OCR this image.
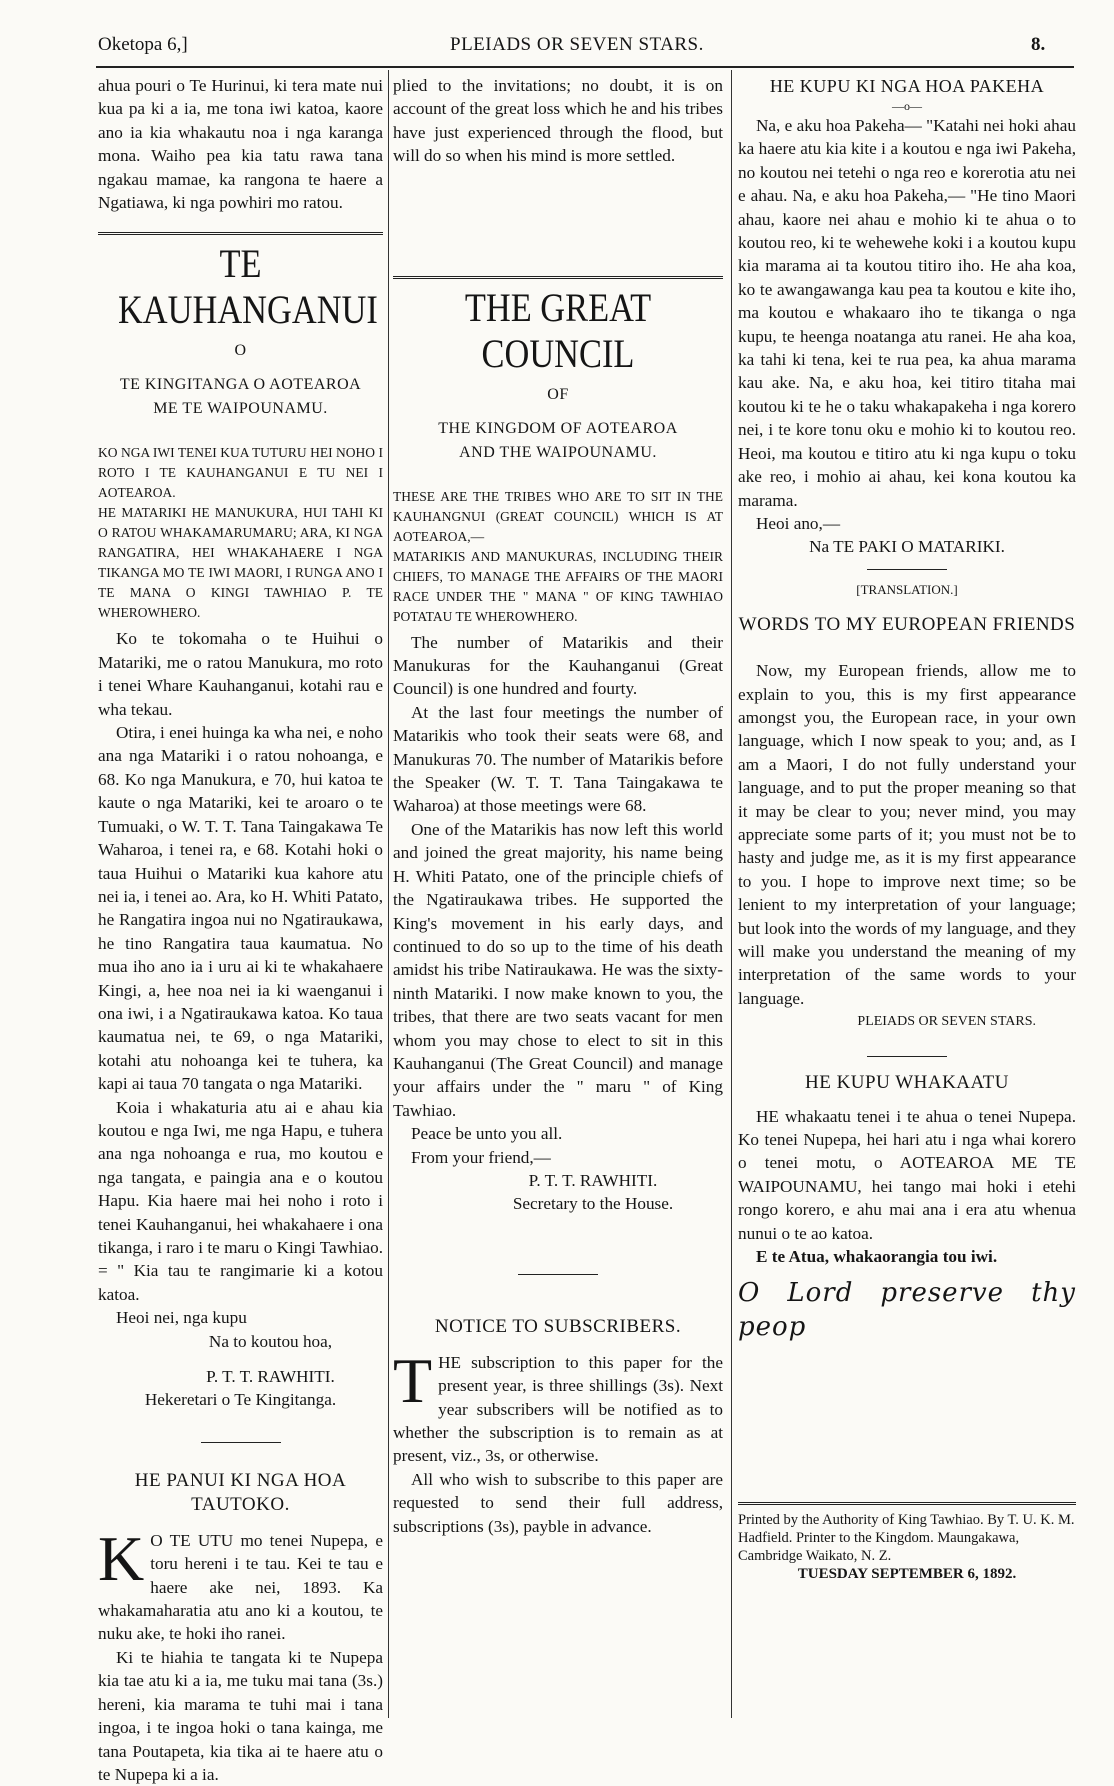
Oketopa 6,]	PLEIADS OR SEVEN STARS.	8.

ahua pouri o Te Hurinui, ki tera mate nui kua pa ki a ia, me tona iwi katoa, kaore ano ia kia whakautu noa i nga karanga mona. Waiho pea kia tatu rawa tana ngakau mamae, ka rangona te haere a Ngatiawa, ki nga powhiri mo ratou.

TE KAUHANGANUI

O

TE KINGITANGA O AOTEAROA

ME TE WAIPOUNAMU.

KO NGA IWI TENEI KUA TUTURU HEI NOHO I ROTO I TE KAUHANGANUI E TU NEI I AOTEAROA.

HE MATARIKI HE MANUKURA, HUI TAHI KI O RATOU WHAKAMARUMARU; ARA, KI NGA RANGATIRA, HEI WHAKAHAERE I NGA TIKANGA MO TE IWI MAORI, I RUNGA ANO I TE MANA O KINGI TAWHIAO P. TE WHEROWHERO.

Ko te tokomaha o te Huihui o Matariki, me o ratou Manukura, mo roto i tenei Whare Kauhanganui, kotahi rau e wha tekau.

Otira, i enei huinga ka wha nei, e noho ana nga Matariki i o ratou nohoanga, e 68. Ko nga Manukura, e 70, hui katoa te kaute o nga Matariki, kei te aroaro o te Tumuaki, o W. T. T. Tana Taingakawa Te Waharoa, i tenei ra, e 68. Kotahi hoki o taua Huihui o Matariki kua kahore atu nei ia, i tenei ao. Ara, ko H. Whiti Patato, he Rangatira ingoa nui no Ngatiraukawa, he tino Rangatira taua kaumatua. No mua iho ano ia i uru ai ki te whakahaere Kingi, a, hee noa nei ia ki waenganui i ona iwi, i a Ngatiraukawa katoa. Ko taua kaumatua nei, te 69, o nga Matariki, kotahi atu nohoanga kei te tuhera, ka kapi ai taua 70 tangata o nga Matariki.

Koia i whakaturia atu ai e ahau kia koutou e nga Iwi, me nga Hapu, e tuhera ana nga nohoanga e rua, mo koutou e nga tangata, e paingia ana e o koutou Hapu. Kia haere mai hei noho i roto i tenei Kauhanganui, hei whakahaere i ona tikanga, i raro i te maru o Kingi Tawhiao. = " Kia tau te rangimarie ki a kotou katoa.

Heoi nei, nga kupu

Na to koutou hoa,

P. T. T. RAWHITI.

Hekeretari o Te Kingitanga.

HE PANUI KI NGA HOA TAUTOKO.

K O TE UTU mo tenei Nupepa, e toru hereni i te tau. Kei te tau e haere ake nei, 1893. Ka whakamaharatia atu ano ki a koutou, te nuku ake, te hoki iho ranei.

Ki te hiahia te tangata ki te Nupepa kia tae atu ki a ia, me tuku mai tana (3s.) hereni, kia marama te tuhi mai i tana ingoa, i te ingoa hoki o tana kainga, me tana Poutapeta, kia tika ai te haere atu o te Nupepa ki a ia.

plied to the invitations; no doubt, it is on account of the great loss which he and his tribes have just experienced through the flood, but will do so when his mind is more settled.

THE GREAT COUNCIL

OF

THE KINGDOM OF AOTEAROA

AND THE WAIPOUNAMU.

THESE ARE THE TRIBES WHO ARE TO SIT IN THE KAUHANGNUI (GREAT COUNCIL) WHICH IS AT AOTEAROA,—

MATARIKIS AND MANUKURAS, INCLUDING THEIR CHIEFS, TO MANAGE THE AFFAIRS OF THE MAORI RACE UNDER THE " MANA " OF KING TAWHIAO POTATAU TE WHEROWHERO.

The number of Matarikis and their Manukuras for the Kauhanganui (Great Council) is one hundred and fourty.

At the last four meetings the number of Matarikis who took their seats were 68, and Manukuras 70. The number of Matarikis before the Speaker (W. T. T. Tana Taingakawa te Waharoa) at those meetings were 68.

One of the Matarikis has now left this world and joined the great majority, his name being H. Whiti Patato, one of the principle chiefs of the Ngatiraukawa tribes. He supported the King's movement in his early days, and continued to do so up to the time of his death amidst his tribe Natiraukawa. He was the sixty-ninth Matariki. I now make known to you, the tribes, that there are two seats vacant for men whom you may chose to elect to sit in this Kauhanganui (The Great Council) and manage your affairs under the " maru " of King Tawhiao.

Peace be unto you all.

From your friend,—

P. T. T. RAWHITI.

Secretary to the House.

NOTICE TO SUBSCRIBERS.

THE subscription to this paper for the present year, is three shillings (3s). Next year subscribers will be notified as to whether the subscription is to remain as at present, viz., 3s, or otherwise.

All who wish to subscribe to this paper are requested to send their full address, subscriptions (3s), payble in advance.

HE KUPU KI NGA HOA PAKEHA

—o—

Na, e aku hoa Pakeha— "Katahi nei hoki ahau ka haere atu kia kite i a koutou e nga iwi Pakeha, no koutou nei tetehi o nga reo e korerotia atu nei e ahau. Na, e aku hoa Pakeha,— "He tino Maori ahau, kaore nei ahau e mohio ki te ahua o to koutou reo, ki te wehewehe koki i a koutou kupu kia marama ai ta koutou titiro iho. He aha koa, ko te awangawanga kau pea ta koutou e kite iho, ma koutou e whakaaro iho te tikanga o nga kupu, te heenga noatanga atu ranei. He aha koa, ka tahi ki tena, kei te rua pea, ka ahua marama kau ake. Na, e aku hoa, kei titiro titaha mai koutou ki te he o taku whakapakeha i nga korero nei, i te kore tonu oku e mohio ki to koutou reo. Heoi, ma koutou e titiro atu ki nga kupu o toku ake reo, i mohio ai ahau, kei kona koutou ka marama.

Heoi ano,—

Na TE PAKI O MATARIKI.

[TRANSLATION.]

WORDS TO MY EUROPEAN FRIENDS

Now, my European friends, allow me to explain to you, this is my first appearance amongst you, the European race, in your own language, which I now speak to you; and, as I am a Maori, I do not fully understand your language, and to put the proper meaning so that it may be clear to you; never mind, you may appreciate some parts of it; you must not be to hasty and judge me, as it is my first appearance to you. I hope to improve next time; so be lenient to my interpretation of your language; but look into the words of my language, and they will make you understand the meaning of my interpretation of the same words to your language.

PLEIADS OR SEVEN STARS.

HE KUPU WHAKAATU

HE whakaatu tenei i te ahua o tenei Nupepa. Ko tenei Nupepa, hei hari atu i nga whai korero o tenei motu, o AOTEAROA ME TE WAIPOUNAMU, hei tango mai hoki i etehi rongo korero, e ahu mai ana i era atu whenua nunui o te ao katoa.

E te Atua, whakaorangia tou iwi.

O Lord preserve thy peop

Printed by the Authority of King Tawhiao. By T. U. K. M. Hadfield. Printer to the Kingdom. Maungakawa, Cambridge Waikato, N. Z.

TUESDAY SEPTEMBER 6, 1892.
